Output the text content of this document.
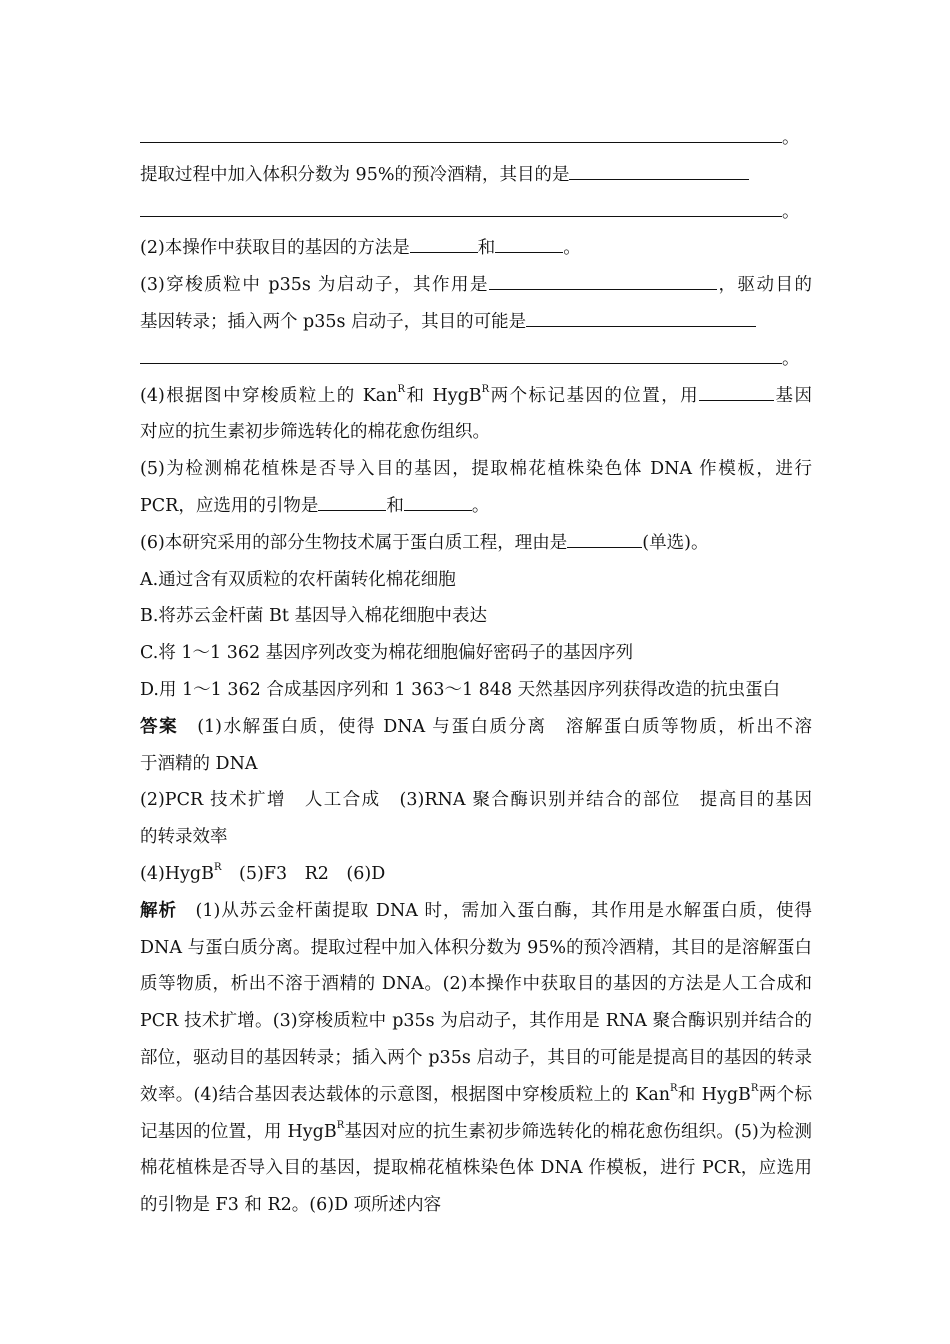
。
提取过程中加入体积分数为 95%的预冷酒精，其目的是
。
(2)本操作中获取目的基因的方法是	和	。
(3)穿梭质粒中 p35s 为启动子，其作用是	，驱动目的
基因转录；插入两个 p35s 启动子，其目的可能是
。
(4)根据图中穿梭质粒上的 Kan$^R$和 HygB$^R$两个标记基因的位置，用	基因
对应的抗生素初步筛选转化的棉花愈伤组织。
(5)为检测棉花植株是否导入目的基因，提取棉花植株染色体 DNA 作模板，进行
PCR，应选用的引物是	和	。
(6)本研究采用的部分生物技术属于蛋白质工程，理由是	(单选)。
A.通过含有双质粒的农杆菌转化棉花细胞
B.将苏云金杆菌 Bt 基因导入棉花细胞中表达
C.将 1～1 362 基因序列改变为棉花细胞偏好密码子的基因序列
D.用 1～1 362 合成基因序列和 1 363～1 848 天然基因序列获得改造的抗虫蛋白
答案　 (1)水解蛋白质，使得 DNA 与蛋白质分离　溶解蛋白质等物质，析出不溶
于酒精的 DNA
(2)PCR 技术扩增　人工合成　(3)RNA 聚合酶识别并结合的部位　提高目的基因
的转录效率
(4)HygB$^R$　(5)F3　R2　(6)D
解析　 (1)从苏云金杆菌提取 DNA 时，需加入蛋白酶，其作用是水解蛋白质，使得 DNA 与蛋白质分离。提取过程中加入体积分数为 95%的预冷酒精，其目的是溶解蛋白质等物质，析出不溶于酒精的 DNA。(2)本操作中获取目的基因的方法是人工合成和 PCR 技术扩增。(3)穿梭质粒中 p35s 为启动子，其作用是 RNA 聚合酶识别并结合的部位，驱动目的基因转录；插入两个 p35s 启动子，其目的可能是提高目的基因的转录效率。(4)结合基因表达载体的示意图，根据图中穿梭质粒上的 Kan$^R$和 HygB$^R$两个标记基因的位置，用 HygB$^R$基因对应的抗生素初步筛选转化的棉花愈伤组织。(5)为检测棉花植株是否导入目的基因，提取棉花植株染色体 DNA 作模板，进行 PCR，应选用的引物是 F3 和 R2。(6)D 项所述内容
